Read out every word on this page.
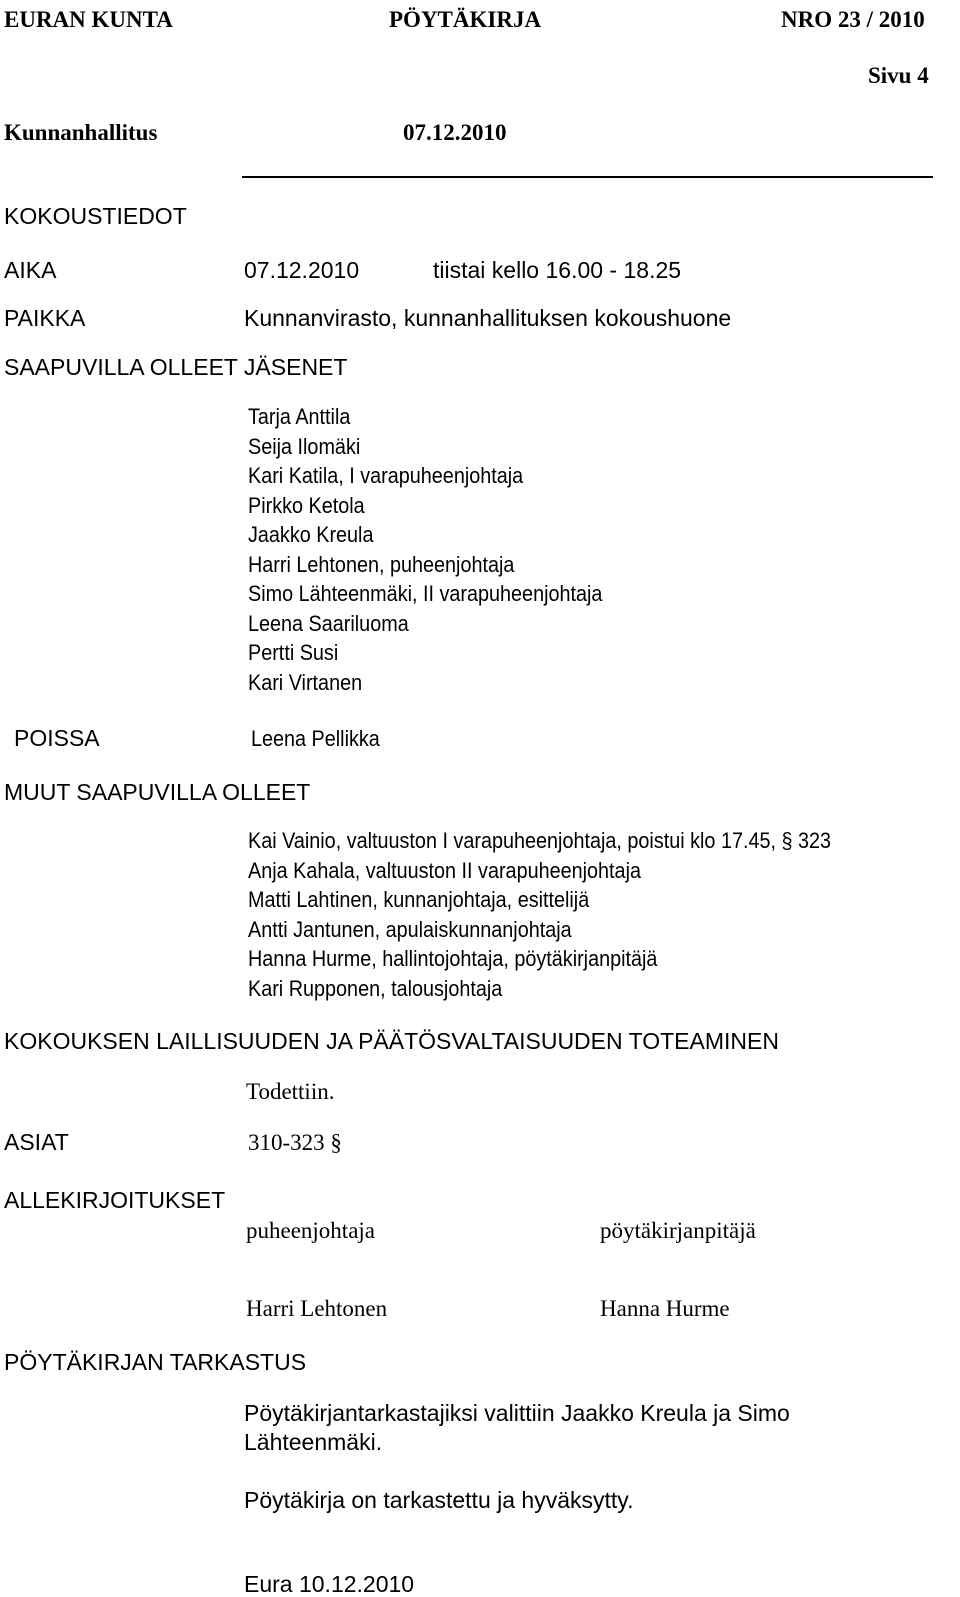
EURAN KUNTA	PÖYTÄKIRJA	NRO 23 / 2010
Sivu 4
Kunnanhallitus	07.12.2010
KOKOUSTIEDOT
AIKA	07.12.2010	tiistai kello 16.00 - 18.25
PAIKKA	Kunnanvirasto, kunnanhallituksen kokoushuone
SAAPUVILLA OLLEET JÄSENET
Tarja Anttila
Seija Ilomäki
Kari Katila, I varapuheenjohtaja
Pirkko Ketola
Jaakko Kreula
Harri Lehtonen, puheenjohtaja
Simo Lähteenmäki, II varapuheenjohtaja
Leena Saariluoma
Pertti Susi
Kari Virtanen
POISSA	Leena Pellikka
MUUT SAAPUVILLA OLLEET
Kai Vainio, valtuuston I varapuheenjohtaja, poistui klo 17.45, § 323
Anja Kahala, valtuuston II varapuheenjohtaja
Matti Lahtinen, kunnanjohtaja, esittelijä
Antti Jantunen, apulaiskunnanjohtaja
Hanna Hurme, hallintojohtaja, pöytäkirjanpitäjä
Kari Rupponen, talousjohtaja
KOKOUKSEN LAILLISUUDEN JA PÄÄTÖSVALTAISUUDEN TOTEAMINEN
Todettiin.
ASIAT	310-323 §
ALLEKIRJOITUKSET
puheenjohtaja	pöytäkirjanpitäjä
Harri Lehtonen	Hanna Hurme
PÖYTÄKIRJAN TARKASTUS
Pöytäkirjantarkastajiksi valittiin Jaakko Kreula ja Simo
Lähteenmäki.
Pöytäkirja on tarkastettu ja hyväksytty.
Eura 10.12.2010
